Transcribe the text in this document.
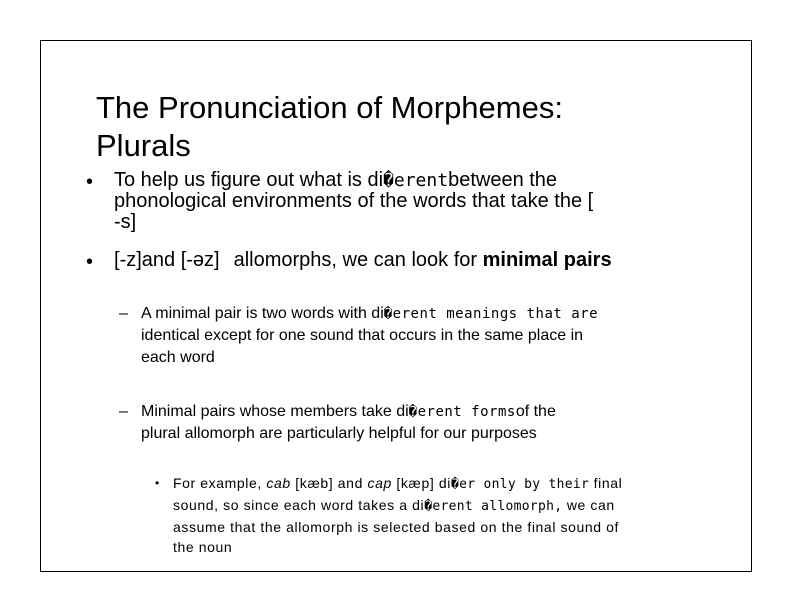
The Pronunciation of Morphemes:
Plurals
• To help us figure out what is di�erentbetween the
phonological environments of the words that take the [
-s]
• [-z]and [-əz] allomorphs, we can look for minimal pairs
– A minimal pair is two words with di�erent meanings that are
identical except for one sound that occurs in the same place in
each word
– Minimal pairs whose members take di�erent formsof the
plural allomorph are particularly helpful for our purposes
• For example, cab [kæb] and cap [kæp] di�er only by their final
sound, so since each word takes a di�erent allomorph, we can
assume that the allomorph is selected based on the final sound of
the noun
